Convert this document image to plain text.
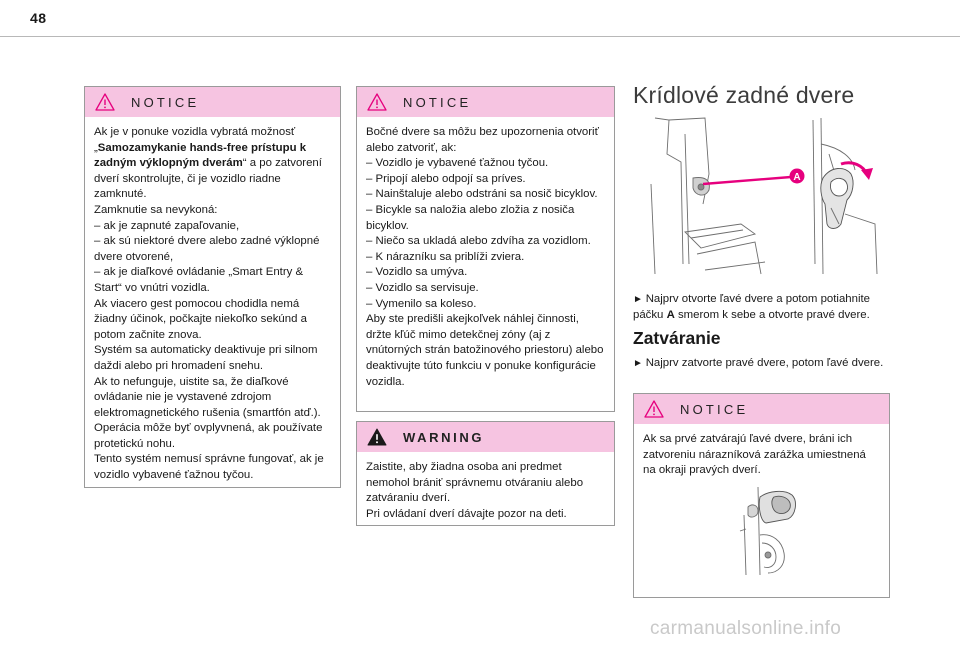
48
NOTICE

Ak je v ponuke vozidla vybratá možnosť „Samozamykanie hands-free prístupu k zadným výklopným dverám“ a po zatvorení dverí skontrolujte, či je vozidlo riadne zamknuté.

Zamknutie sa nevykoná:

– ak je zapnuté zapaľovanie,

– ak sú niektoré dvere alebo zadné výklopné dvere otvorené,

– ak je diaľkové ovládanie „Smart Entry & Start“ vo vnútri vozidla.

Ak viacero gest pomocou chodidla nemá žiadny účinok, počkajte niekoľko sekúnd a potom začnite znova.

Systém sa automaticky deaktivuje pri silnom daždi alebo pri hromadení snehu.

Ak to nefunguje, uistite sa, že diaľkové ovládanie nie je vystavené zdrojom elektromagnetického rušenia (smartfón atď.).

Operácia môže byť ovplyvnená, ak používate protetickú nohu.

Tento systém nemusí správne fungovať, ak je vozidlo vybavené ťažnou tyčou.

NOTICE

Bočné dvere sa môžu bez upozornenia otvoriť alebo zatvoriť, ak:

– Vozidlo je vybavené ťažnou tyčou.

– Pripojí alebo odpojí sa príves.

– Nainštaluje alebo odstráni sa nosič bicyklov.

– Bicykle sa naložia alebo zložia z nosiča bicyklov.

– Niečo sa ukladá alebo zdvíha za vozidlom.

– K nárazníku sa priblíži zviera.

– Vozidlo sa umýva.

– Vozidlo sa servisuje.

– Vymenilo sa koleso.

Aby ste predišli akejkoľvek náhlej činnosti, držte kľúč mimo detekčnej zóny (aj z vnútorných strán batožinového priestoru) alebo deaktivujte túto funkciu v ponuke konfigurácie vozidla.

WARNING

Zaistite, aby žiadna osoba ani predmet nemohol brániť správnemu otváraniu alebo zatváraniu dverí.

Pri ovládaní dverí dávajte pozor na deti.

Krídlové zadné dvere
A
► Najprv otvorte ľavé dvere a potom potiahnite páčku A smerom k sebe a otvorte pravé dvere.
Zatváranie
► Najprv zatvorte pravé dvere, potom ľavé dvere.
NOTICE

Ak sa prvé zatvárajú ľavé dvere, bráni ich zatvoreniu nárazníková zarážka umiestnená na okraji pravých dverí.

carmanualsonline.info
